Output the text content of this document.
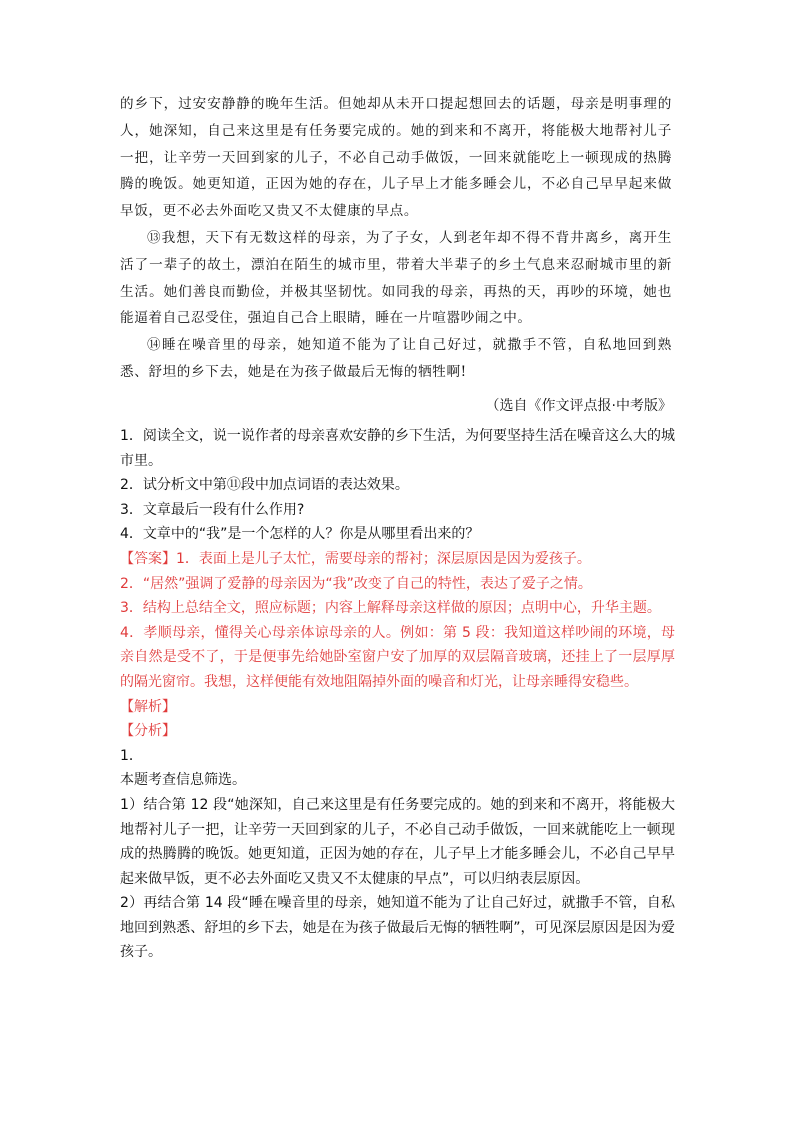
的乡下，过安安静静的晚年生活。但她却从未开口提起想回去的话题，母亲是明事理的人，她深知，自己来这里是有任务要完成的。她的到来和不离开，将能极大地帮衬儿子一把，让辛劳一天回到家的儿子，不必自己动手做饭，一回来就能吃上一顿现成的热腾腾的晚饭。她更知道，正因为她的存在，儿子早上才能多睡会儿，不必自己早早起来做早饭，更不必去外面吃又贵又不太健康的早点。

⑬我想，天下有无数这样的母亲，为了子女，人到老年却不得不背井离乡，离开生活了一辈子的故土，漂泊在陌生的城市里，带着大半辈子的乡土气息来忍耐城市里的新生活。她们善良而勤俭，并极其坚韧忱。如同我的母亲，再热的天，再吵的环境，她也能逼着自己忍受住，强迫自己合上眼睛，睡在一片喧嚣吵闹之中。

⑭睡在噪音里的母亲，她知道不能为了让自己好过，就撒手不管，自私地回到熟悉、舒坦的乡下去，她是在为孩子做最后无悔的牺牲啊!

（选自《作文评点报·中考版》

1．阅读全文，说一说作者的母亲喜欢安静的乡下生活，为何要坚持生活在噪音这么大的城市里。

2．试分析文中第⑪段中加点词语的表达效果。

3．文章最后一段有什么作用?

4．文章中的“我”是一个怎样的人？你是从哪里看出来的？

【答案】1．表面上是儿子太忙，需要母亲的帮衬；深层原因是因为爱孩子。

2．“居然”强调了爱静的母亲因为“我”改变了自己的特性，表达了爱子之情。

3．结构上总结全文，照应标题；内容上解释母亲这样做的原因；点明中心，升华主题。

4．孝顺母亲，懂得关心母亲体谅母亲的人。例如：第 5 段：我知道这样吵闹的环境，母亲自然是受不了，于是便事先给她卧室窗户安了加厚的双层隔音玻璃，还挂上了一层厚厚的隔光窗帘。我想，这样便能有效地阻隔掉外面的噪音和灯光，让母亲睡得安稳些。

【解析】

【分析】

1．

本题考查信息筛选。

1）结合第 12 段“她深知，自己来这里是有任务要完成的。她的到来和不离开，将能极大地帮衬儿子一把，让辛劳一天回到家的儿子，不必自己动手做饭，一回来就能吃上一顿现成的热腾腾的晚饭。她更知道，正因为她的存在，儿子早上才能多睡会儿，不必自己早早起来做早饭，更不必去外面吃又贵又不太健康的早点”，可以归纳表层原因。

2）再结合第 14 段“睡在噪音里的母亲，她知道不能为了让自己好过，就撒手不管，自私地回到熟悉、舒坦的乡下去，她是在为孩子做最后无悔的牺牲啊”，可见深层原因是因为爱孩子。
